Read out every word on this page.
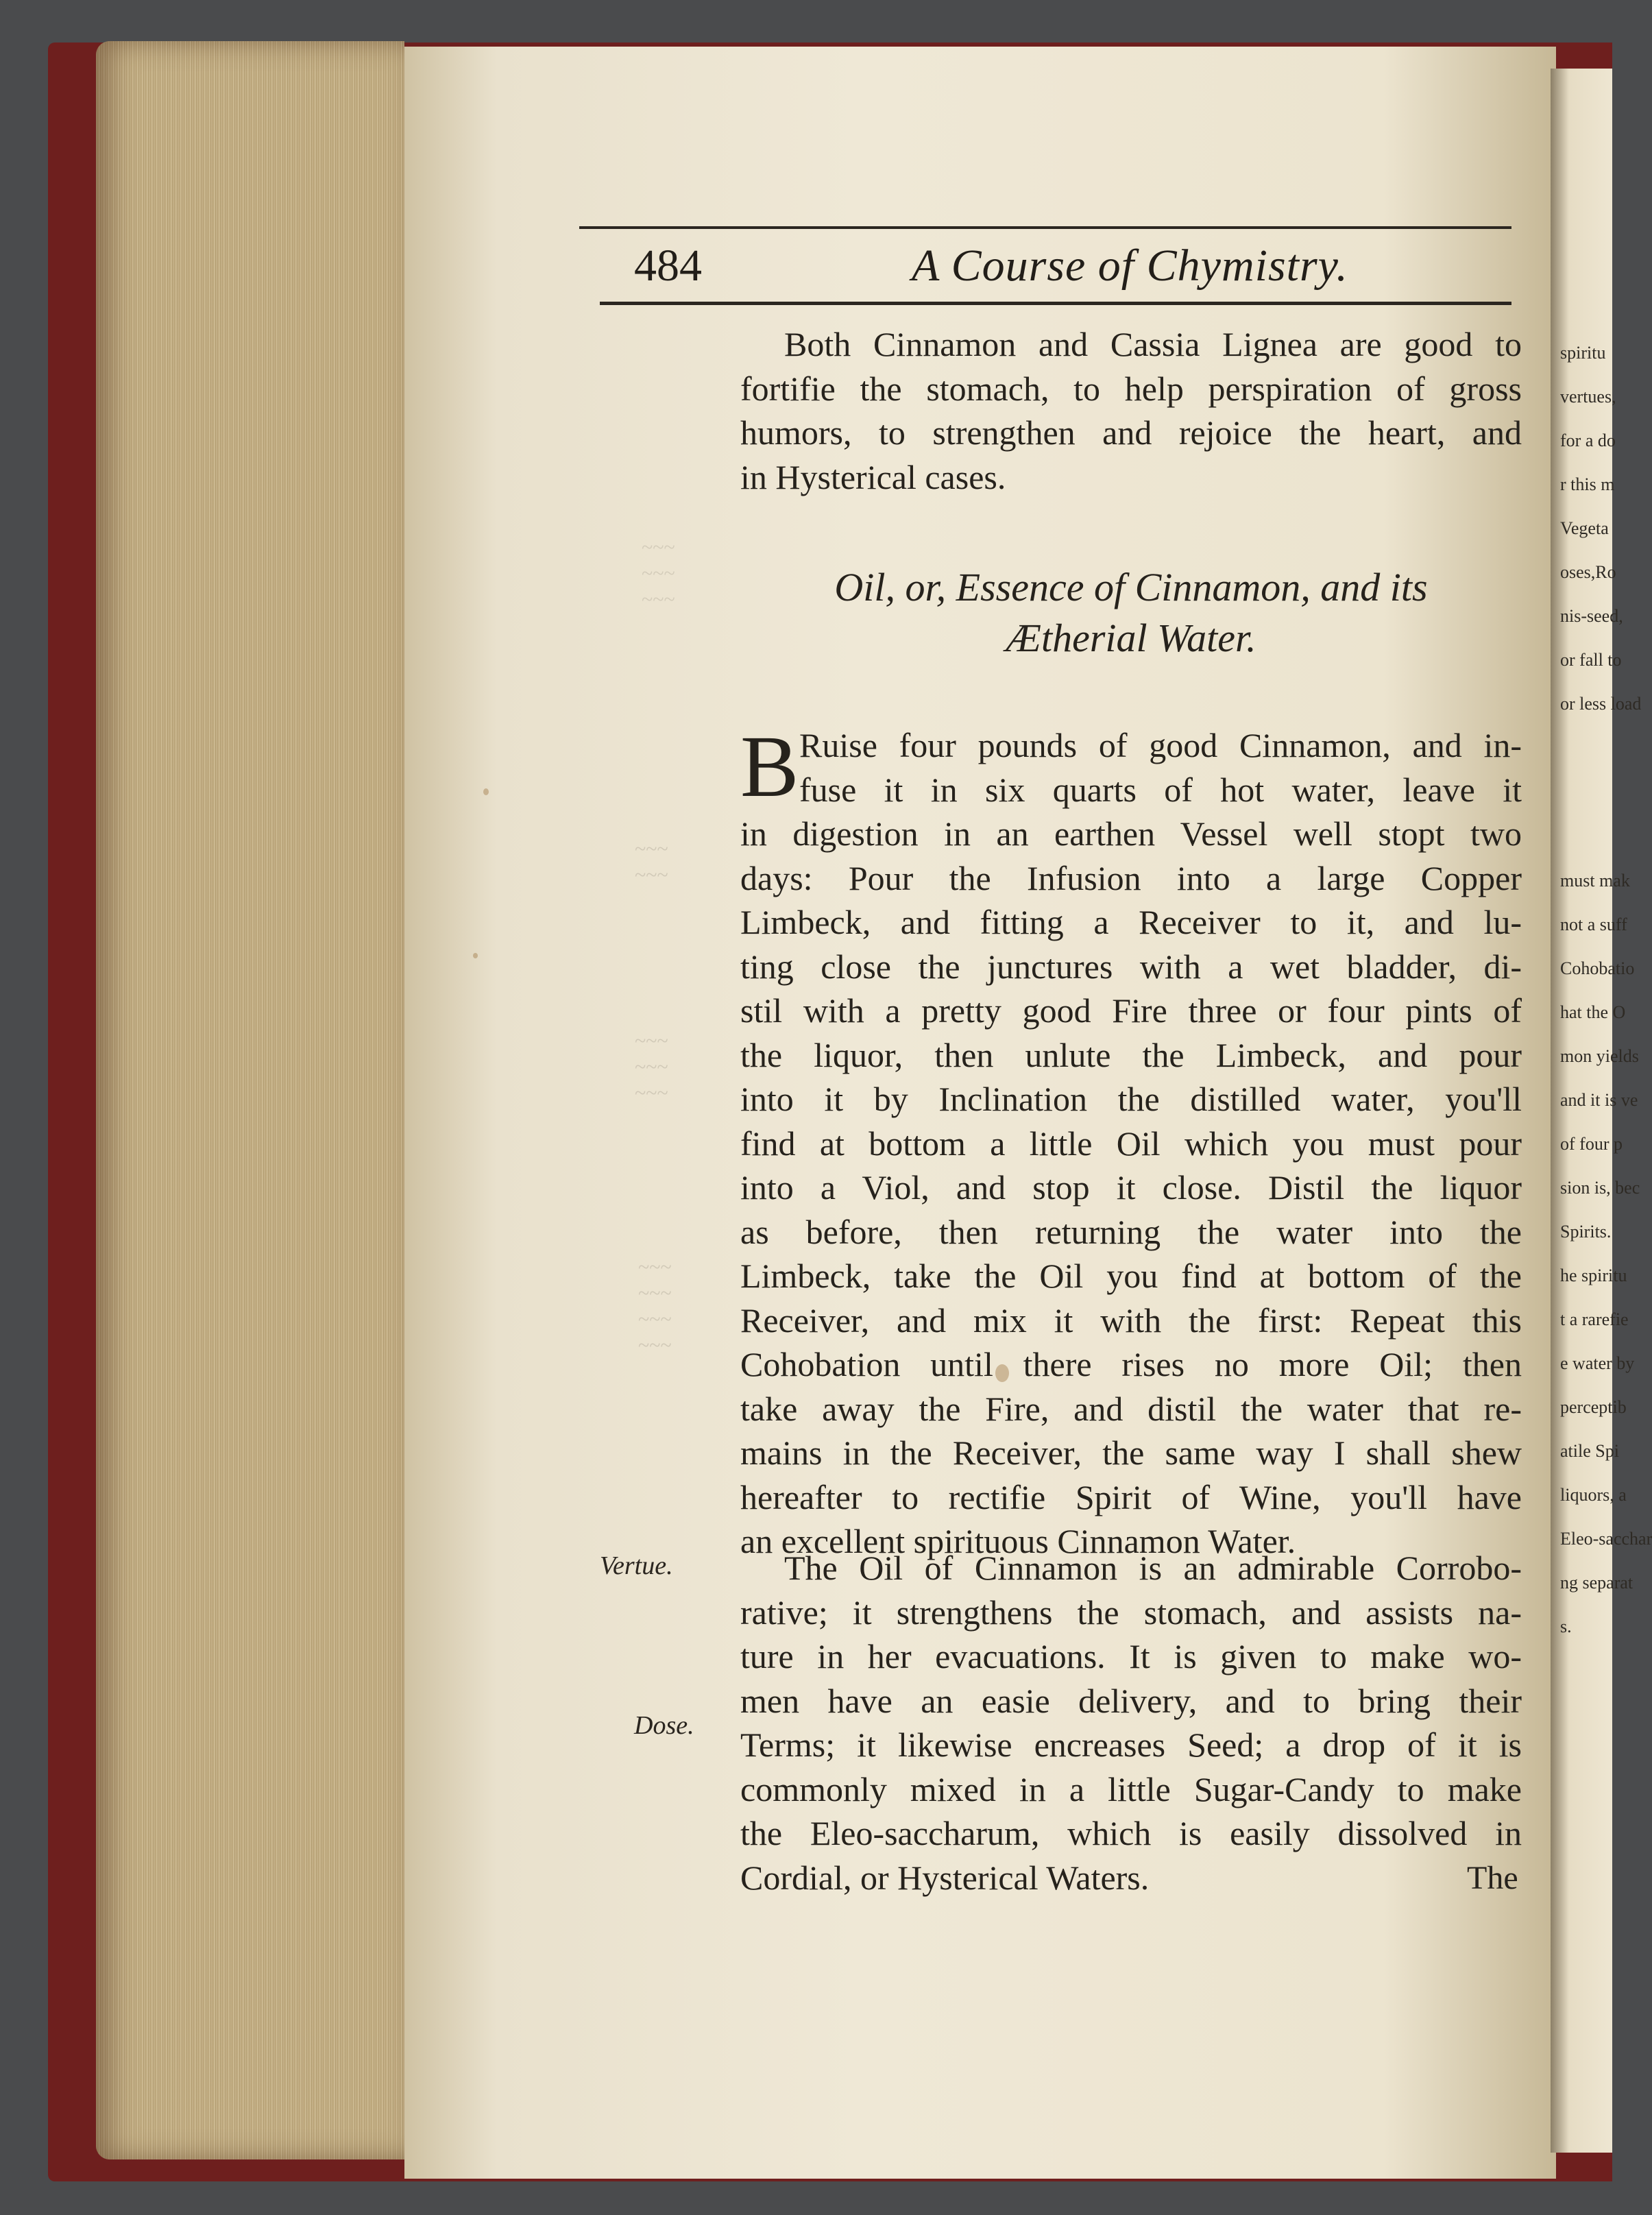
~~~
~~~
~~~
~~~
~~~
~~~
~~~
~~~
~~~
~~~
~~~
~~~
spiritu
vertues,
for a do
r this m
Vegeta
oses,Ro
nis-seed,
or fall to
or less load
must mak
not a suff
Cohobatio
hat the O
mon yields
and it is ve
of four p
sion is, bec
Spirits.
he spiritu
t a rarefie
e water by
perceptib
atile Spi
liquors, a
Eleo-sacchar
ng separat
s.
484	A Course of Chymistry.
Both Cinnamon and Cassia Lignea are good to
fortifie the stomach, to help perspiration of gross
humors, to strengthen and rejoice the heart, and
in Hysterical cases.
Oil, or, Essence of Cinnamon, and its
Ætherial Water.
B Ruise four pounds of good Cinnamon, and in-
fuse it in six quarts of hot water, leave it
in digestion in an earthen Vessel well stopt two
days: Pour the Infusion into a large Copper
Limbeck, and fitting a Receiver to it, and lu-
ting close the junctures with a wet bladder, di-
stil with a pretty good Fire three or four pints of
the liquor, then unlute the Limbeck, and pour
into it by Inclination the distilled water, you'll
find at bottom a little Oil which you must pour
into a Viol, and stop it close. Distil the liquor
as before, then returning the water into the
Limbeck, take the Oil you find at bottom of the
Receiver, and mix it with the first: Repeat this
Cohobation until there rises no more Oil; then
take away the Fire, and distil the water that re-
mains in the Receiver, the same way I shall shew
hereafter to rectifie Spirit of Wine, you'll have
an excellent spirituous Cinnamon Water.
Vertue.
Dose.
The Oil of Cinnamon is an admirable Corrobo-
rative; it strengthens the stomach, and assists na-
ture in her evacuations. It is given to make wo-
men have an easie delivery, and to bring their
Terms; it likewise encreases Seed; a drop of it is
commonly mixed in a little Sugar-Candy to make
the Eleo-saccharum, which is easily dissolved in
Cordial, or Hysterical Waters.	The
